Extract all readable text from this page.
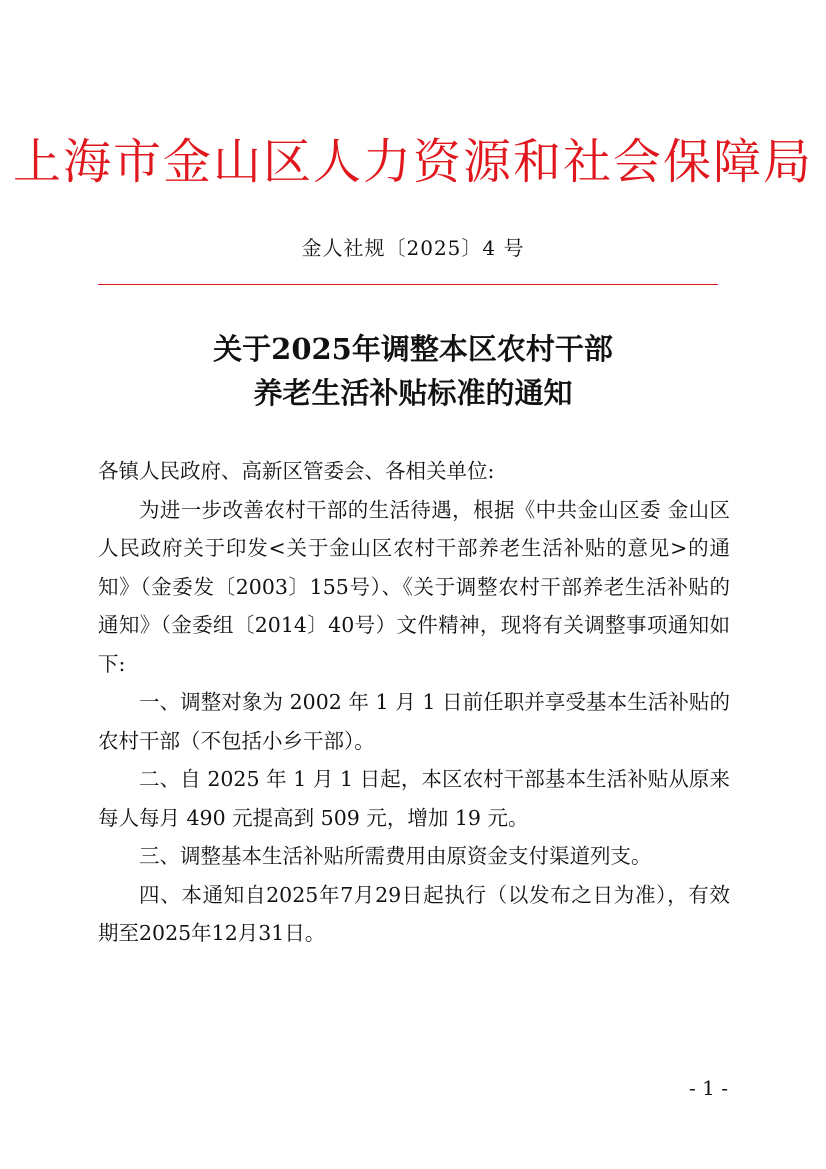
上海市金山区人力资源和社会保障局
金人社规〔2025〕4 号
关于2025年调整本区农村干部
养老生活补贴标准的通知

各镇人民政府、高新区管委会、各相关单位:

为进一步改善农村干部的生活待遇，根据《中共金山区委 金山区人民政府关于印发<关于金山区农村干部养老生活补贴的意见>的通知》（金委发〔2003〕155号）、《关于调整农村干部养老生活补贴的通知》（金委组〔2014〕40号）文件精神，现将有关调整事项通知如下:

一、调整对象为 2002 年 1 月 1 日前任职并享受基本生活补贴的农村干部（不包括小乡干部）。

二、自 2025 年 1 月 1 日起，本区农村干部基本生活补贴从原来每人每月 490 元提高到 509 元，增加 19 元。

三、调整基本生活补贴所需费用由原资金支付渠道列支。

四、本通知自2025年7月29日起执行（以发布之日为准），有效期至2025年12月31日。

- 1 -
